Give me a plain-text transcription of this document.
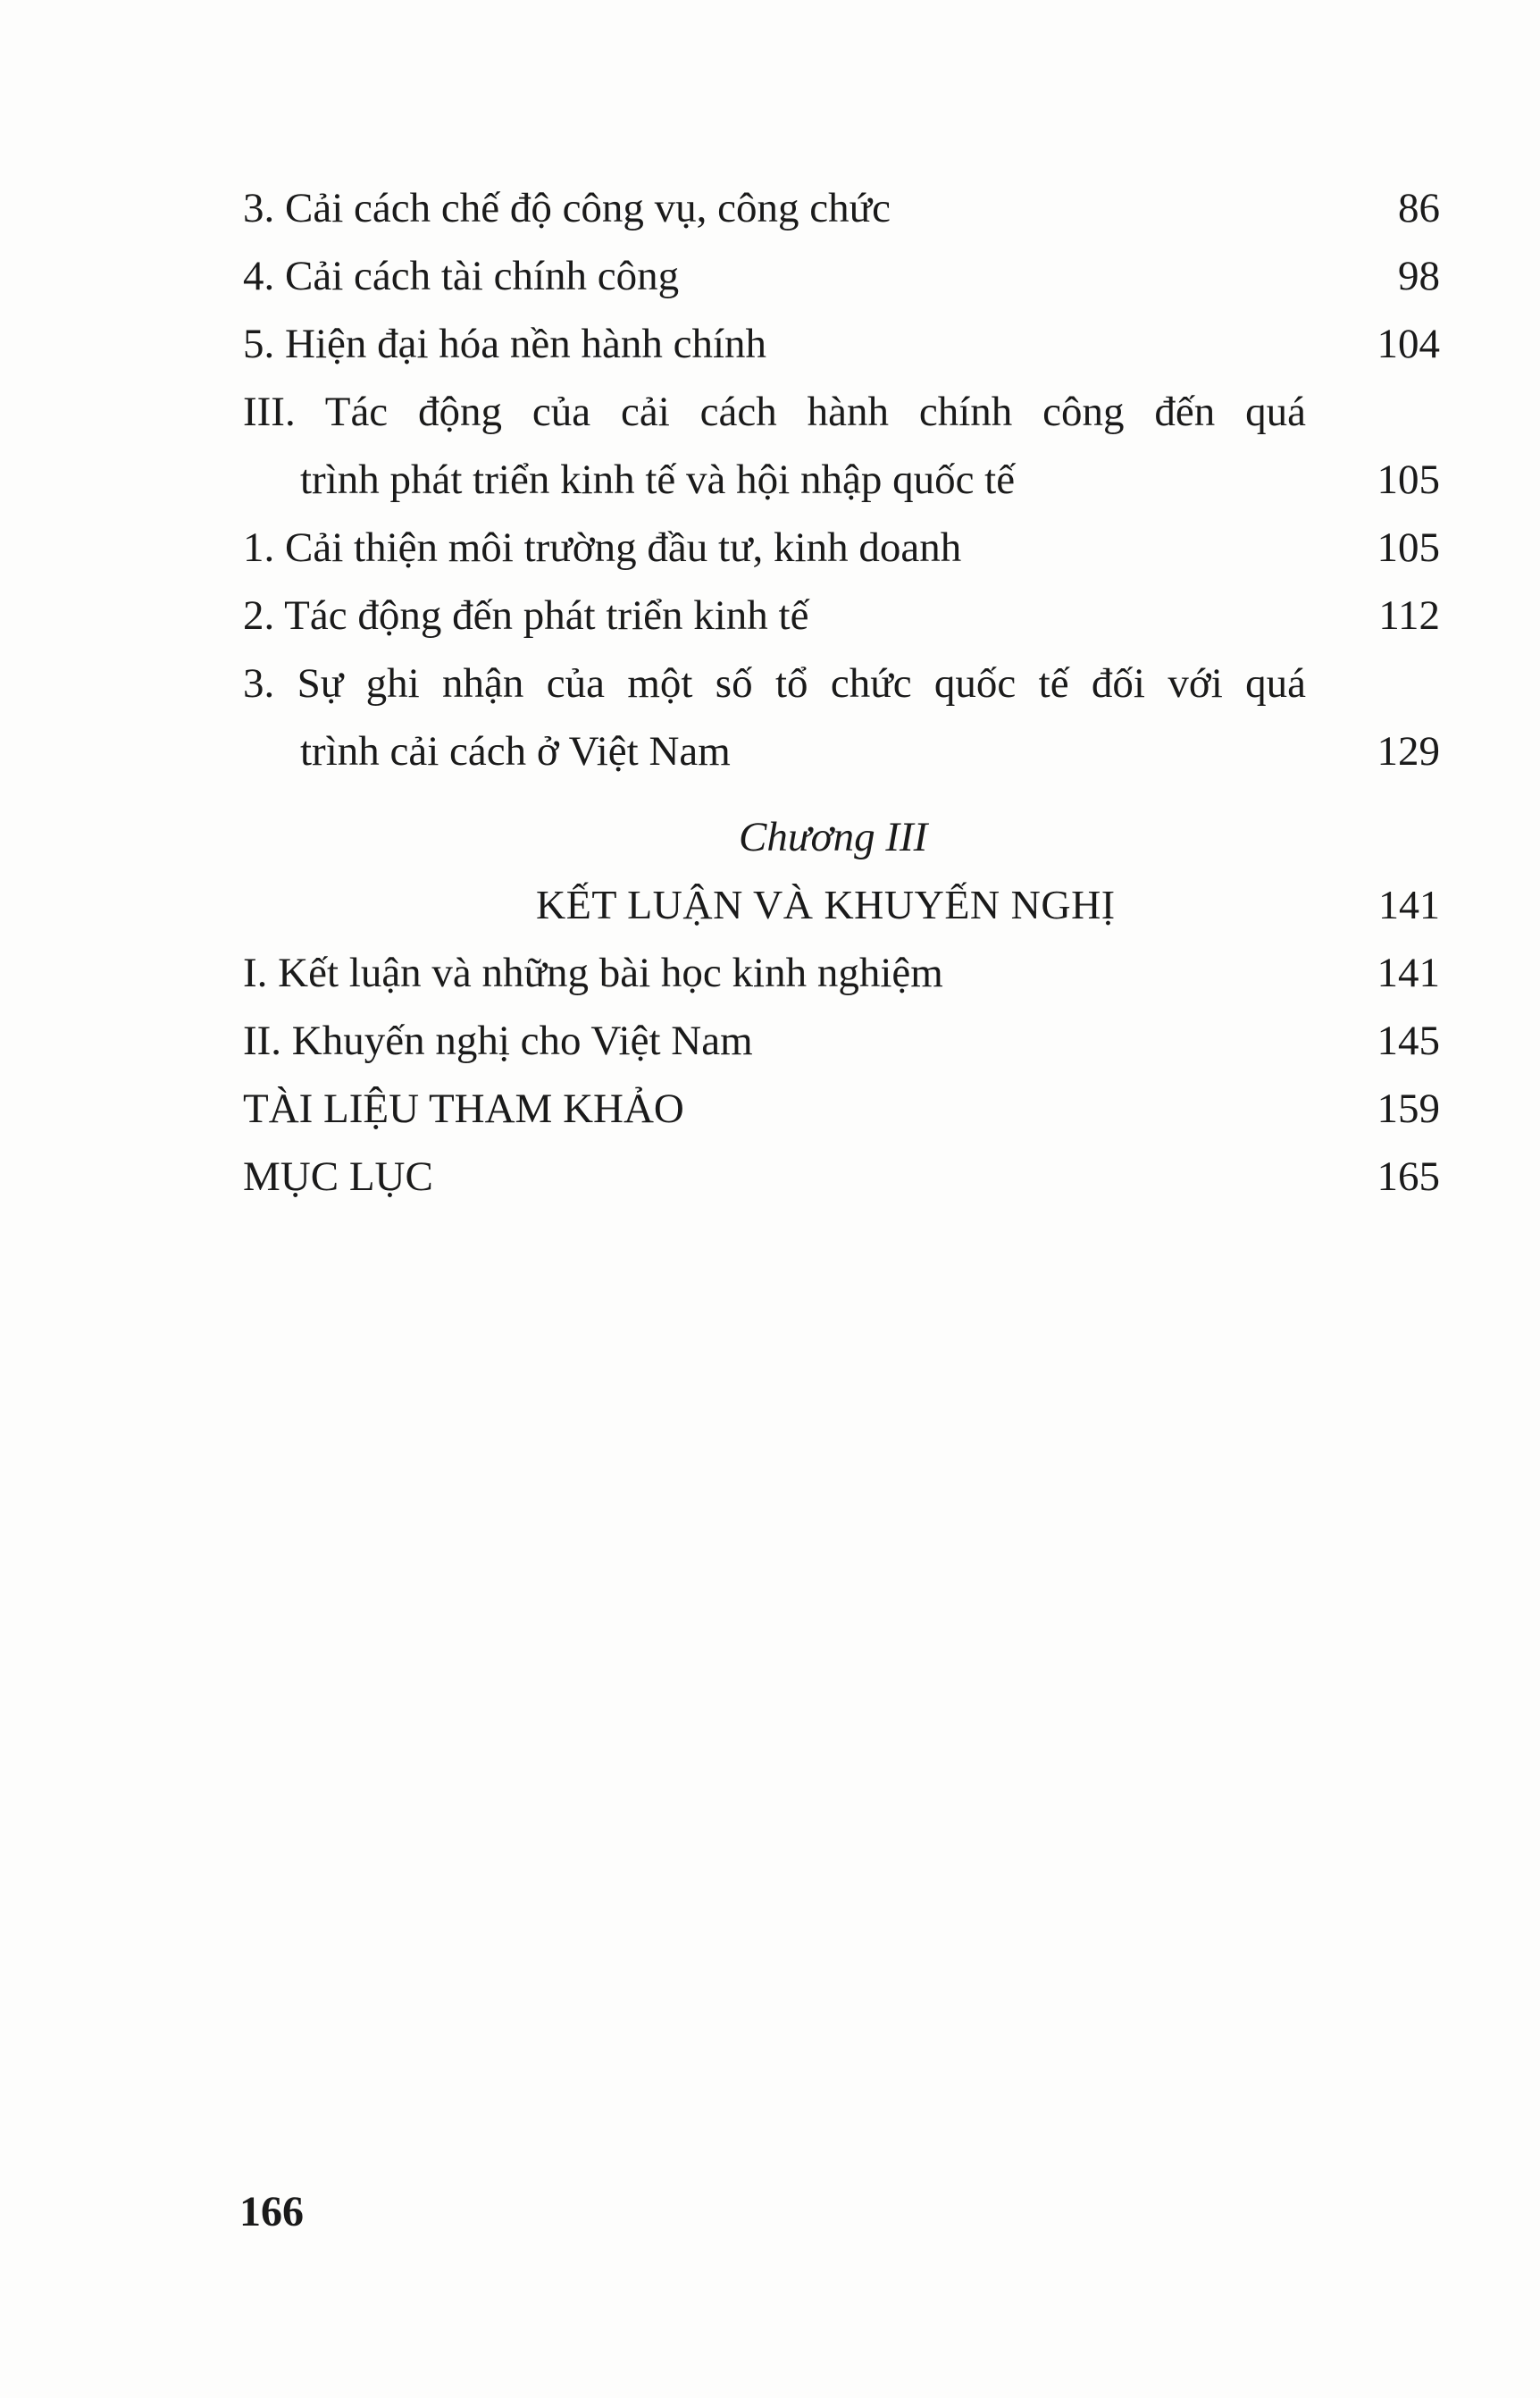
3. Cải cách chế độ công vụ, công chức	86
4. Cải cách tài chính công	98
5. Hiện đại hóa nền hành chính	104
III. Tác động của cải cách hành chính công đến quá
trình phát triển kinh tế và hội nhập quốc tế	105
1. Cải thiện môi trường đầu tư, kinh doanh	105
2. Tác động đến phát triển kinh tế	112
3. Sự ghi nhận của một số tổ chức quốc tế đối với quá
trình cải cách ở Việt Nam	129
Chương III
KẾT LUẬN VÀ KHUYẾN NGHỊ	141
I. Kết luận và những bài học kinh nghiệm	141
II. Khuyến nghị cho Việt Nam	145
TÀI LIỆU THAM KHẢO	159
MỤC LỤC	165
166
